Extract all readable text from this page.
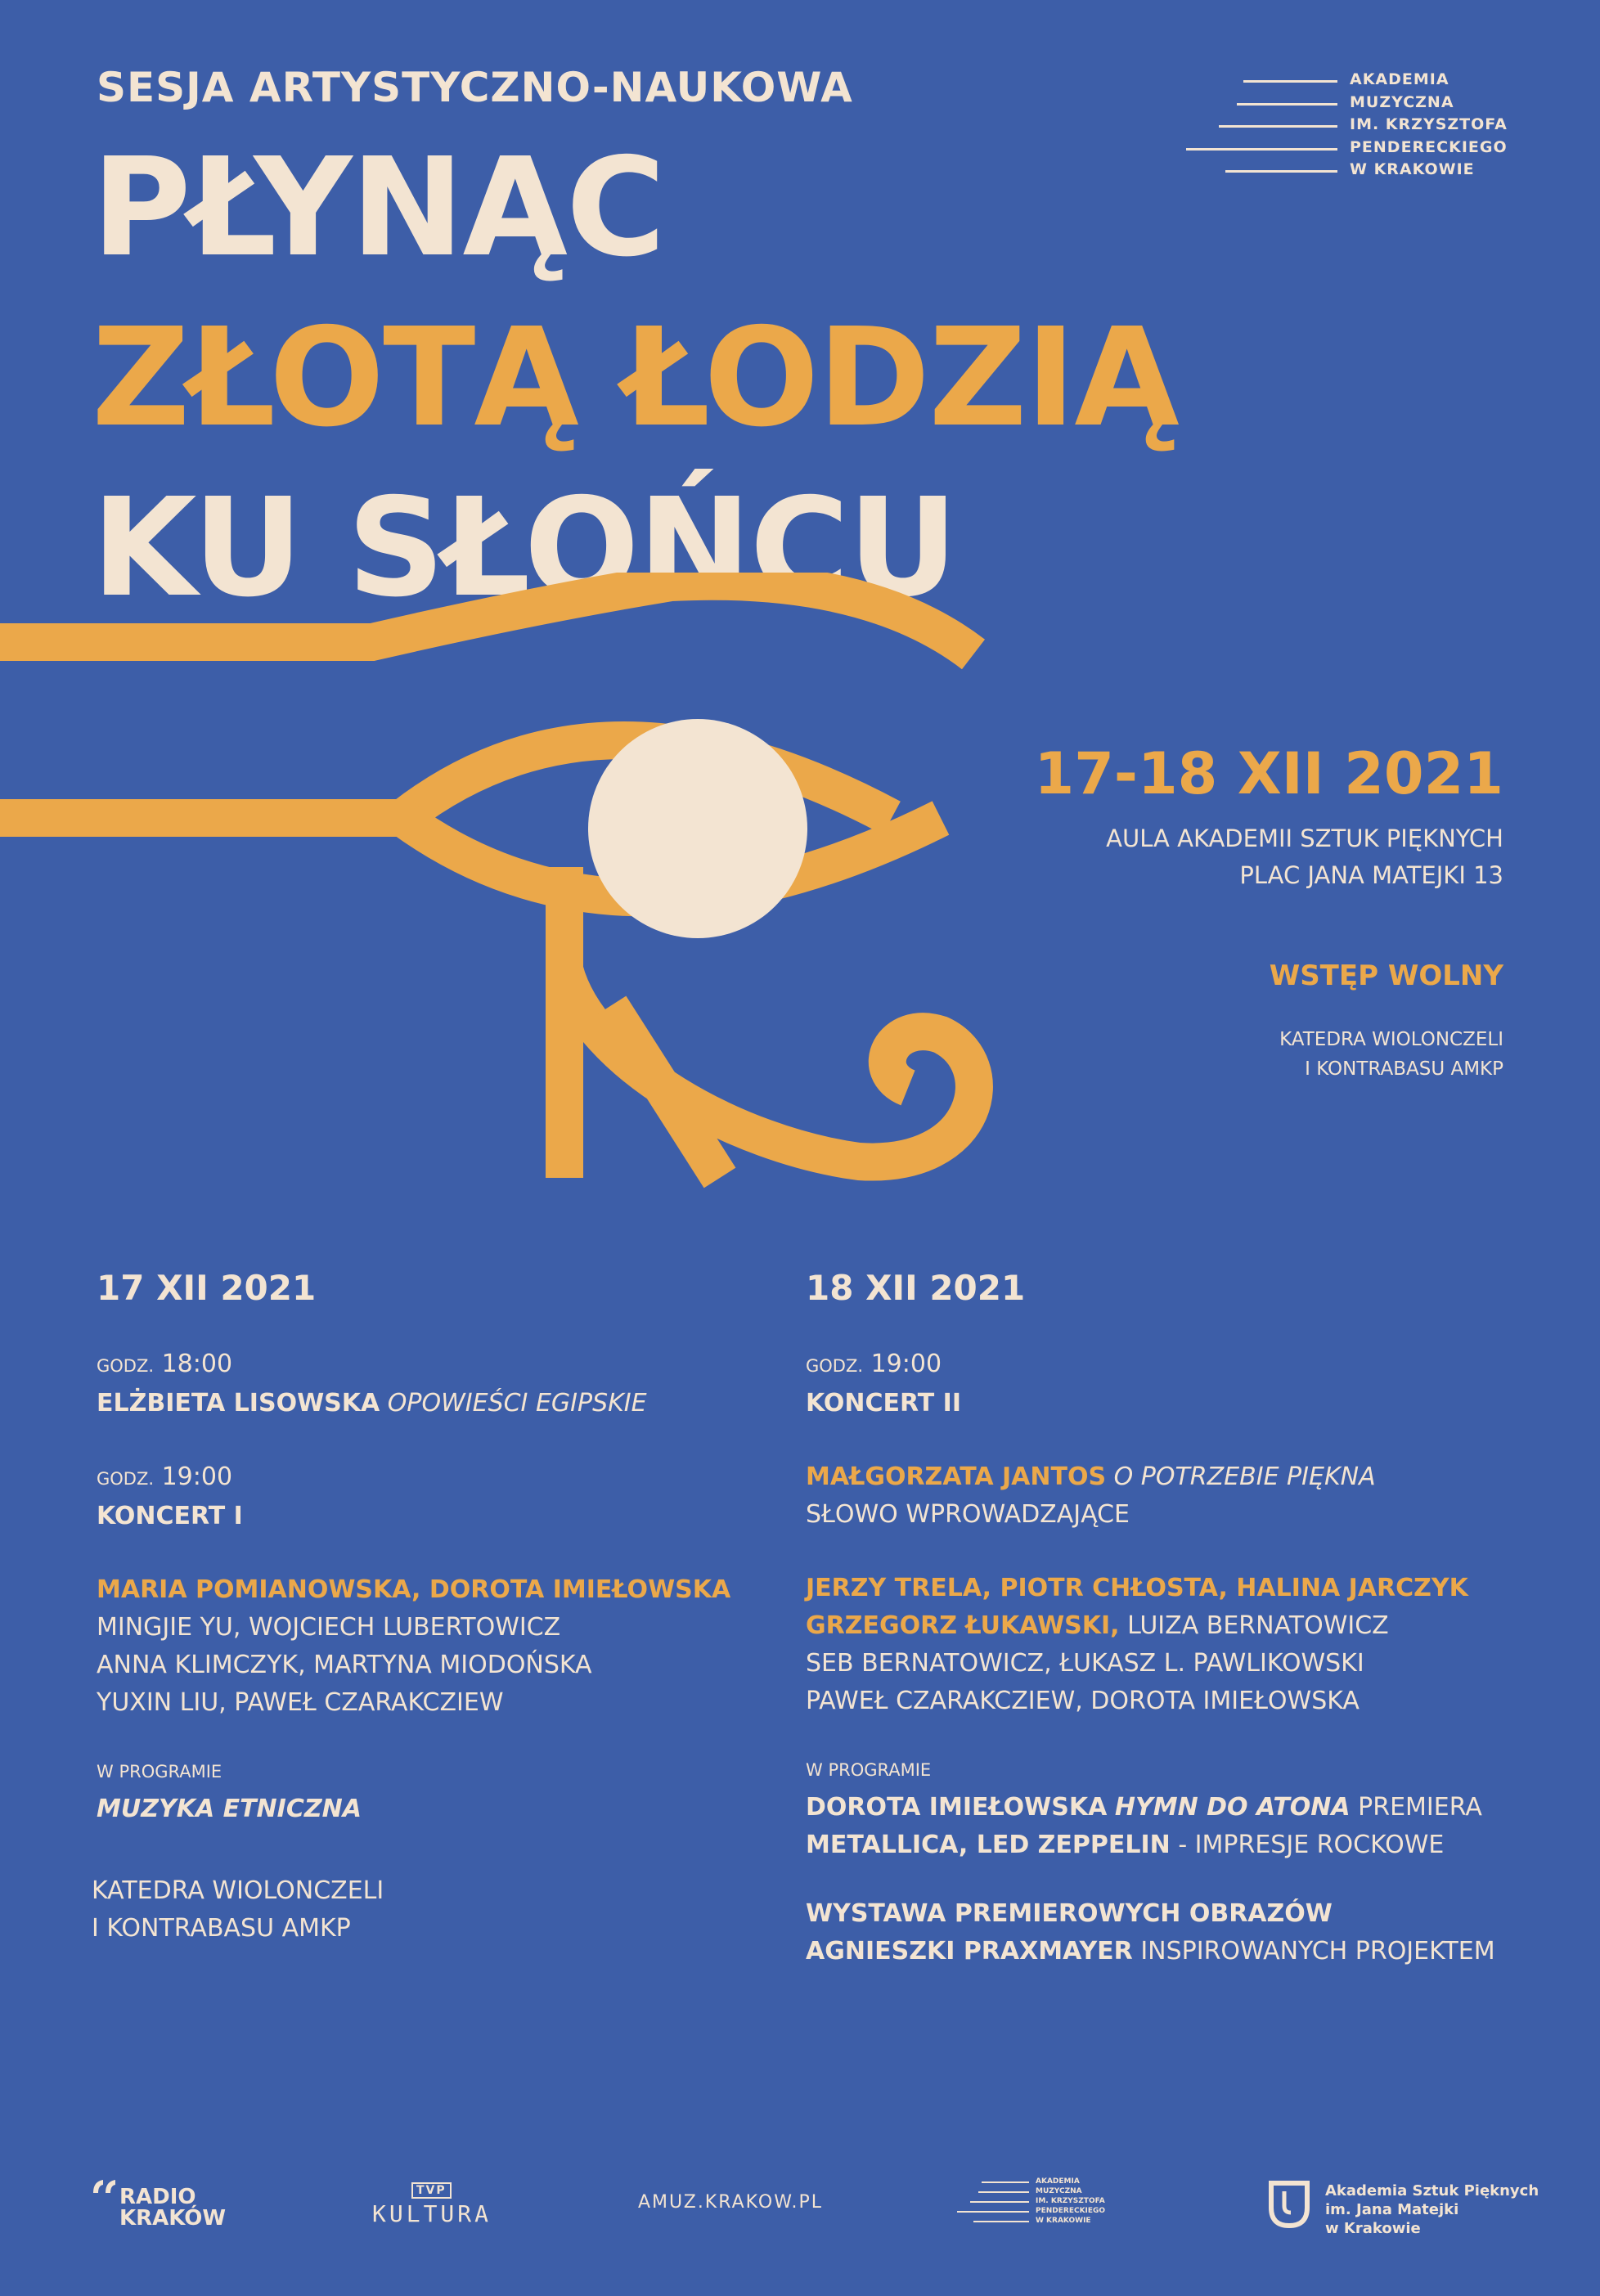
SESJA ARTYSTYCZNO-NAUKOWA
PŁYNĄC
ZŁOTĄ ŁODZIĄ
KU SŁOŃCU
AKADEMIA
MUZYCZNA
IM. KRZYSZTOFA
PENDERECKIEGO
W KRAKOWIE
17-18 XII 2021
AULA AKADEMII SZTUK PIĘKNYCH
PLAC JANA MATEJKI 13
WSTĘP WOLNY
KATEDRA WIOLONCZELI
I KONTRABASU AMKP
17 XII 2021
GODZ. 18:00
ELŻBIETA LISOWSKA OPOWIEŚCI EGIPSKIE
GODZ. 19:00
KONCERT I
MARIA POMIANOWSKA, DOROTA IMIEŁOWSKA
MINGJIE YU, WOJCIECH LUBERTOWICZ
ANNA KLIMCZYK, MARTYNA MIODOŃSKA
YUXIN LIU, PAWEŁ CZARAKCZIEW
W PROGRAMIE
MUZYKA ETNICZNA
KATEDRA WIOLONCZELI
I KONTRABASU AMKP
18 XII 2021
GODZ. 19:00
KONCERT II
MAŁGORZATA JANTOS O POTRZEBIE PIĘKNA
SŁOWO WPROWADZAJĄCE
JERZY TRELA, PIOTR CHŁOSTA, HALINA JARCZYK
GRZEGORZ ŁUKAWSKI, LUIZA BERNATOWICZ
SEB BERNATOWICZ, ŁUKASZ L. PAWLIKOWSKI
PAWEŁ CZARAKCZIEW, DOROTA IMIEŁOWSKA
W PROGRAMIE
DOROTA IMIEŁOWSKA HYMN DO ATONA PREMIERA
METALLICA, LED ZEPPELIN - IMPRESJE ROCKOWE
WYSTAWA PREMIEROWYCH OBRAZÓW
AGNIESZKI PRAXMAYER INSPIROWANYCH PROJEKTEM
RADIO
KRAKÓW
TVP
KULTURA	AMUZ.KRAKOW.PL
AKADEMIA
MUZYCZNA
IM. KRZYSZTOFA
PENDERECKIEGO
W KRAKOWIE
Akademia Sztuk Pięknych
im. Jana Matejki
w Krakowie
